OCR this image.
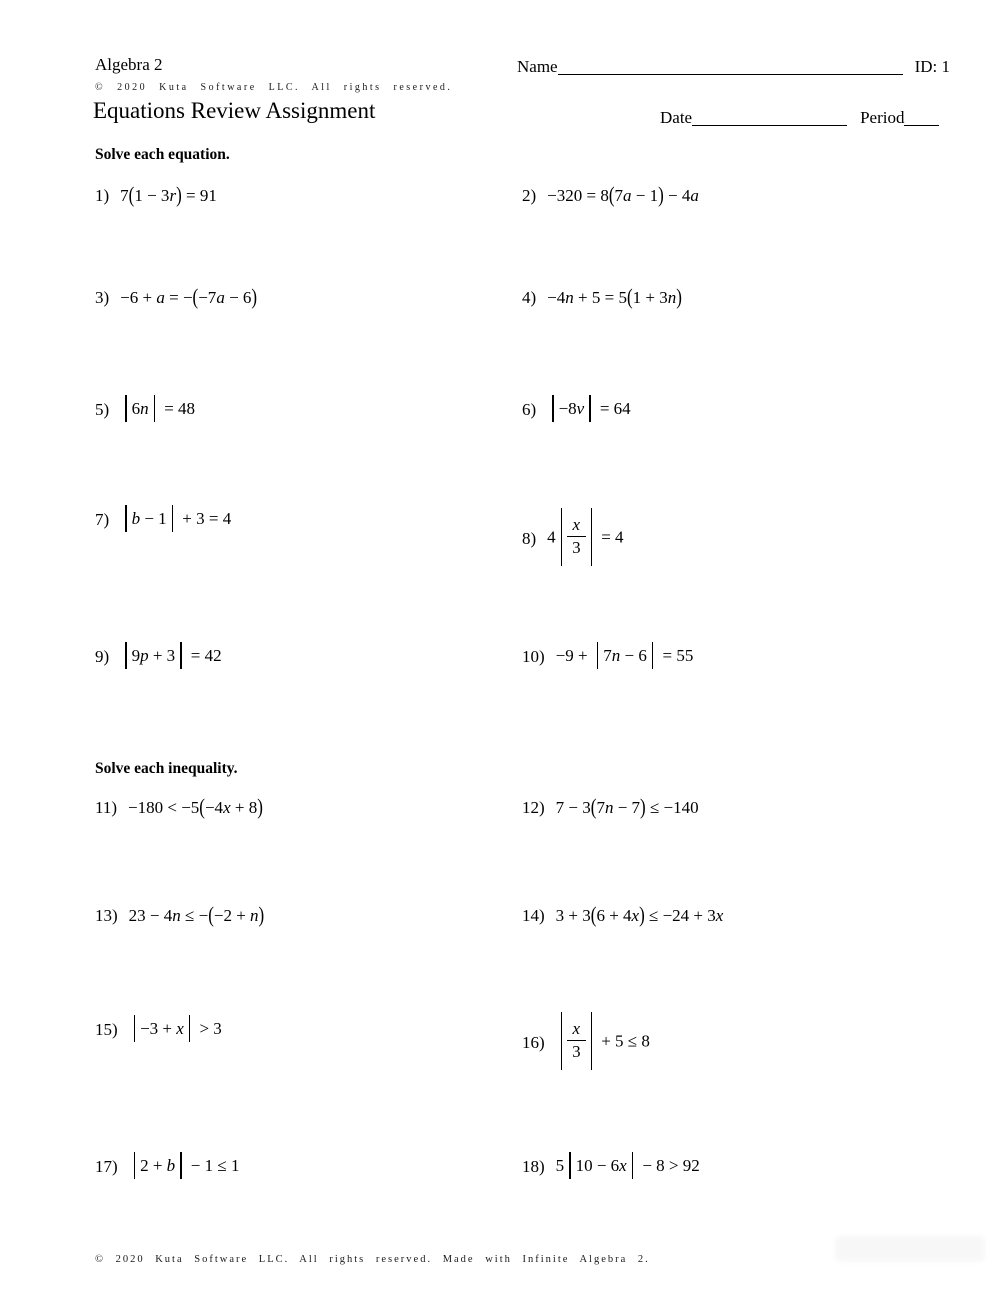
Algebra 2
© 2020 Kuta Software LLC. All rights reserved.
Equations Review Assignment
Name	ID: 1
Date	Period
Solve each equation.
1) 7(1 − 3r) = 91	2) −320 = 8(7a − 1) − 4a
3) −6 + a = −(−7a − 6)	4) −4n + 5 = 5(1 + 3n)
5)	6n = 48	6)	−8v = 64
7)	b − 1 + 3 = 4
8) $4 \frac{x}{3} = 4$
9)	9p + 3 = 42	10) −9 + 7n − 6 = 55
Solve each inequality.
11) −180 < −5(−4x + 8)	12) 7 − 3(7n − 7) ≤ −140
13) 23 − 4n ≤ −(−2 + n)	14) 3 + 3(6 + 4x) ≤ −24 + 3x
15)	−3 + x > 3
$16) \frac{x}{3} + 5 \le 8$
17)	2 + b − 1 ≤ 1	18) 5 10 − 6x − 8 > 92
© 2020 Kuta Software LLC. All rights reserved. Made with Infinite Algebra 2.
